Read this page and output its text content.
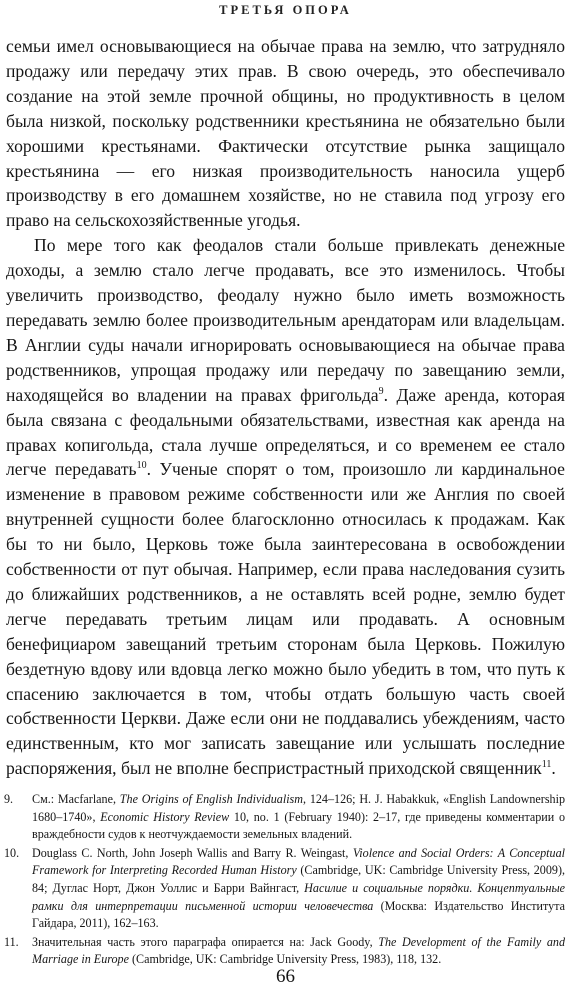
ТРЕТЬЯ ОПОРА

семьи имел основывающиеся на обычае права на землю, что затрудняло продажу или передачу этих прав. В свою очередь, это обеспечивало создание на этой земле прочной общины, но продуктивность в целом была низкой, поскольку родственники крестьянина не обязательно были хорошими крестьянами. Фактически отсутствие рынка защищало крестьянина — его низкая производительность наносила ущерб производству в его домашнем хозяйстве, но не ставила под угрозу его право на сельскохозяйственные угодья.

По мере того как феодалов стали больше привлекать денежные доходы, а землю стало легче продавать, все это изменилось. Чтобы увеличить производство, феодалу нужно было иметь возможность передавать землю более производительным арендаторам или владельцам. В Англии суды начали игнорировать основывающиеся на обычае права родственников, упрощая продажу или передачу по завещанию земли, находящейся во владении на правах фригольда$^9$. Даже аренда, которая была связана с феодальными обязательствами, известная как аренда на правах копигольда, стала лучше определяться, и со временем ее стало легче передавать$^{10}$. Ученые спорят о том, произошло ли кардинальное изменение в правовом режиме собственности или же Англия по своей внутренней сущности более благосклонно относилась к продажам. Как бы то ни было, Церковь тоже была заинтересована в освобождении собственности от пут обычая. Например, если права наследования сузить до ближайших родственников, а не оставлять всей родне, землю будет легче передавать третьим лицам или продавать. А основным бенефициаром завещаний третьим сторонам была Церковь. Пожилую бездетную вдову или вдовца легко можно было убедить в том, что путь к спасению заключается в том, чтобы отдать большую часть своей собственности Церкви. Даже если они не поддавались убеждениям, часто единственным, кто мог записать завещание или услышать последние распоряжения, был не вполне беспристрастный приходской священник$^{11}$.

9. См.: Macfarlane, The Origins of English Individualism, 124–126; H. J. Habakkuk, «English Landownership 1680–1740», Economic History Review 10, no. 1 (February 1940): 2–17, где приведены комментарии о враждебности судов к неотчуждаемости земельных владений.
10. Douglass C. North, John Joseph Wallis and Barry R. Weingast, Violence and Social Orders: A Conceptual Framework for Interpreting Recorded Human History (Cambridge, UK: Cambridge University Press, 2009), 84; Дуглас Норт, Джон Уоллис и Барри Вайнгаст, Насилие и социальные порядки. Концептуальные рамки для интерпретации письменной истории человечества (Москва: Издательство Института Гайдара, 2011), 162–163.
11. Значительная часть этого параграфа опирается на: Jack Goody, The Development of the Family and Marriage in Europe (Cambridge, UK: Cambridge University Press, 1983), 118, 132.
66
